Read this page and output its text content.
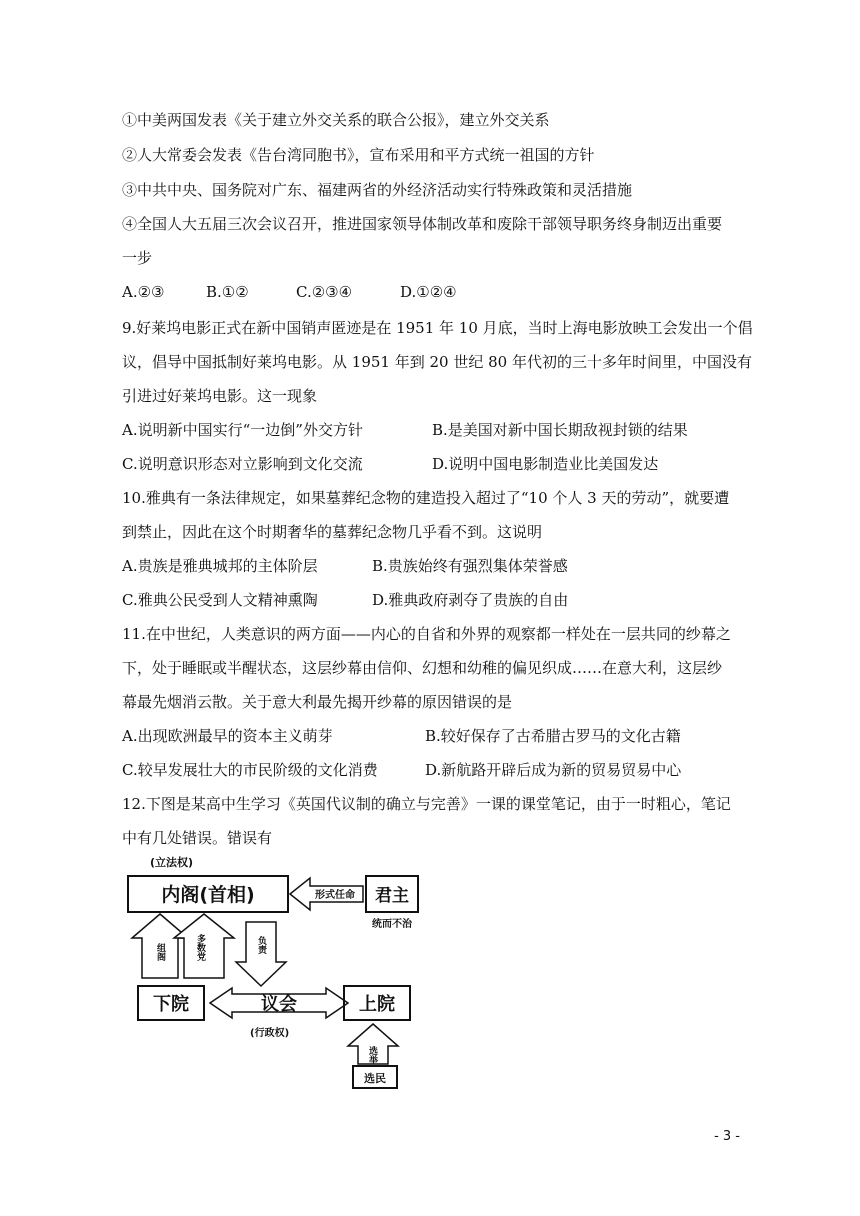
①中美两国发表《关于建立外交关系的联合公报》，建立外交关系
②人大常委会发表《告台湾同胞书》，宣布采用和平方式统一祖国的方针
③中共中央、国务院对广东、福建两省的外经济活动实行特殊政策和灵活措施
④全国人大五届三次会议召开，推进国家领导体制改革和废除干部领导职务终身制迈出重要
一步
A.②③	B.①②	C.②③④	D.①②④
9.好莱坞电影正式在新中国销声匿迹是在 1951 年 10 月底，当时上海电影放映工会发出一个倡
议，倡导中国抵制好莱坞电影。从 1951 年到 20 世纪 80 年代初的三十多年时间里，中国没有
引进过好莱坞电影。这一现象
A.说明新中国实行“一边倒”外交方针	B.是美国对新中国长期敌视封锁的结果
C.说明意识形态对立影响到文化交流	D.说明中国电影制造业比美国发达
10.雅典有一条法律规定，如果墓葬纪念物的建造投入超过了“10 个人 3 天的劳动”，就要遭
到禁止，因此在这个时期奢华的墓葬纪念物几乎看不到。这说明
A.贵族是雅典城邦的主体阶层	B.贵族始终有强烈集体荣誉感
C.雅典公民受到人文精神熏陶	D.雅典政府剥夺了贵族的自由
11.在中世纪，人类意识的两方面——内心的自省和外界的观察都一样处在一层共同的纱幕之
下，处于睡眠或半醒状态，这层纱幕由信仰、幻想和幼稚的偏见织成……在意大利，这层纱
幕最先烟消云散。关于意大利最先揭开纱幕的原因错误的是
A.出现欧洲最早的资本主义萌芽	B.较好保存了古希腊古罗马的文化古籍
C.较早发展壮大的市民阶级的文化消费	D.新航路开辟后成为新的贸易贸易中心
12.下图是某高中生学习《英国代议制的确立与完善》一课的课堂笔记，由于一时粗心，笔记
中有几处错误。错误有
(立法权)
内阁(首相)	形式任命 君主
统而不治
组阁	多数党	负责
下院	议会
(行政权)
上院
选举
选民
- 3 -
